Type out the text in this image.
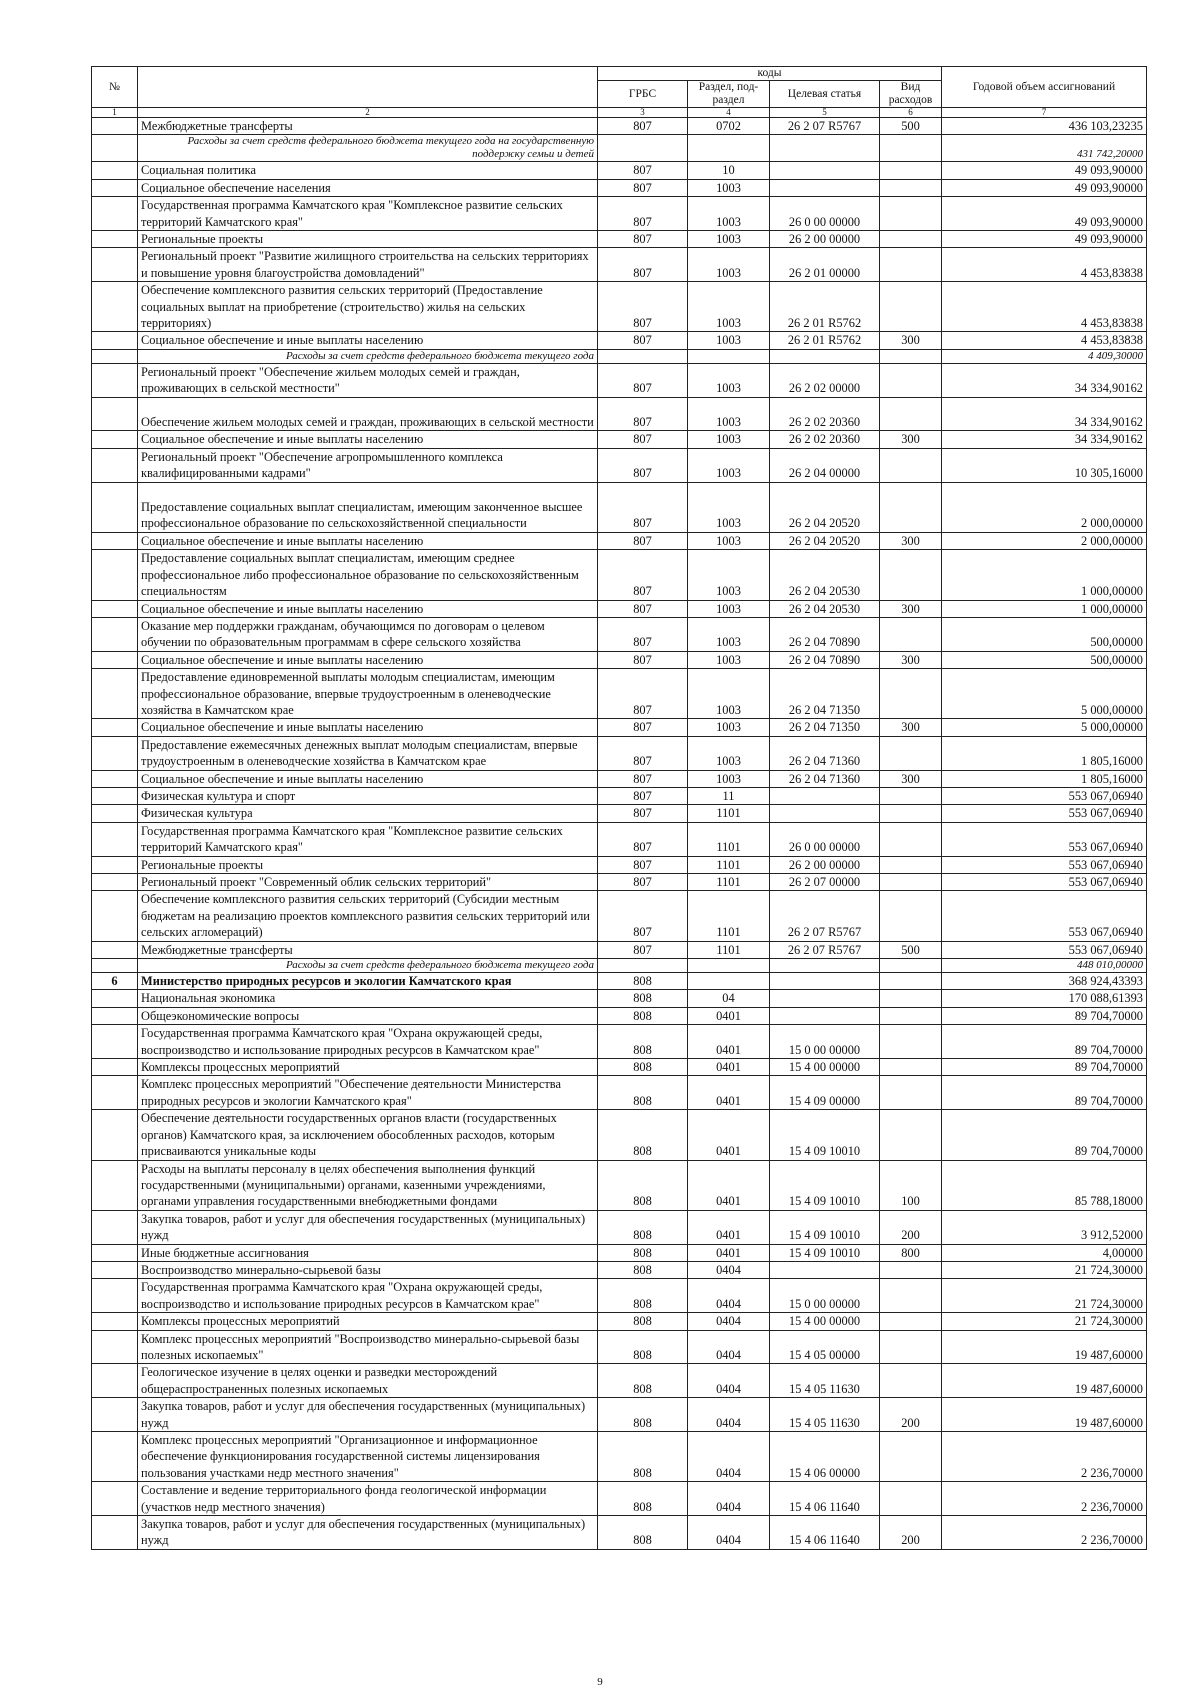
№		коды				Годовой объем ассигнований
		ГРБС	Раздел, под-раздел	Целевая статья	Вид расходов	
1	2	3	4	5	6	7
	Межбюджетные трансферты	807	0702	26 2 07 R5767	500	436 103,23235
	Расходы за счет средств федерального бюджета текущего года на государственную поддержку семьи и детей					431 742,20000
	Социальная политика	807	10			49 093,90000
	Социальное обеспечение населения	807	1003			49 093,90000
	Государственная программа Камчатского края "Комплексное развитие сельских территорий Камчатского края"	807	1003	26 0 00 00000		49 093,90000
	Региональные проекты	807	1003	26 2 00 00000		49 093,90000
	Региональный проект "Развитие жилищного строительства на сельских территориях и повышение уровня благоустройства домовладений"	807	1003	26 2 01 00000		4 453,83838
	Обеспечение комплексного развития сельских территорий (Предоставление социальных выплат на приобретение (строительство) жилья на сельских территориях)	807	1003	26 2 01 R5762		4 453,83838
	Социальное обеспечение и иные выплаты населению	807	1003	26 2 01 R5762	300	4 453,83838
	Расходы за счет средств федерального бюджета текущего года					4 409,30000
	Региональный проект "Обеспечение жильем молодых семей и граждан, проживающих в сельской местности"	807	1003	26 2 02 00000		34 334,90162
	Обеспечение жильем молодых семей и граждан, проживающих в сельской местности	807	1003	26 2 02 20360		34 334,90162
	Социальное обеспечение и иные выплаты населению	807	1003	26 2 02 20360	300	34 334,90162
	Региональный проект "Обеспечение агропромышленного комплекса квалифицированными кадрами"	807	1003	26 2 04 00000		10 305,16000
	Предоставление социальных выплат специалистам, имеющим законченное высшее профессиональное образование по сельскохозяйственной специальности	807	1003	26 2 04 20520		2 000,00000
	Социальное обеспечение и иные выплаты населению	807	1003	26 2 04 20520	300	2 000,00000
	Предоставление социальных выплат специалистам, имеющим среднее профессиональное либо профессиональное образование по сельскохозяйственным специальностям	807	1003	26 2 04 20530		1 000,00000
	Социальное обеспечение и иные выплаты населению	807	1003	26 2 04 20530	300	1 000,00000
	Оказание мер поддержки гражданам, обучающимся по договорам о целевом обучении по образовательным программам в сфере сельского хозяйства	807	1003	26 2 04 70890		500,00000
	Социальное обеспечение и иные выплаты населению	807	1003	26 2 04 70890	300	500,00000
	Предоставление единовременной выплаты молодым специалистам, имеющим профессиональное образование, впервые трудоустроенным в оленеводческие хозяйства в Камчатском крае	807	1003	26 2 04 71350		5 000,00000
	Социальное обеспечение и иные выплаты населению	807	1003	26 2 04 71350	300	5 000,00000
	Предоставление ежемесячных денежных выплат молодым специалистам, впервые трудоустроенным в оленеводческие хозяйства в Камчатском крае	807	1003	26 2 04 71360		1 805,16000
	Социальное обеспечение и иные выплаты населению	807	1003	26 2 04 71360	300	1 805,16000
	Физическая культура и спорт	807	11			553 067,06940
	Физическая культура	807	1101			553 067,06940
	Государственная программа Камчатского края "Комплексное развитие сельских территорий Камчатского края"	807	1101	26 0 00 00000		553 067,06940
	Региональные проекты	807	1101	26 2 00 00000		553 067,06940
	Региональный проект "Современный облик сельских территорий"	807	1101	26 2 07 00000		553 067,06940
	Обеспечение комплексного развития сельских территорий (Субсидии местным бюджетам на реализацию проектов комплексного развития сельских территорий или сельских агломераций)	807	1101	26 2 07 R5767		553 067,06940
	Межбюджетные трансферты	807	1101	26 2 07 R5767	500	553 067,06940
	Расходы за счет средств федерального бюджета текущего года					448 010,00000
6	Министерство природных ресурсов и экологии Камчатского края	808				368 924,43393
	Национальная экономика	808	04			170 088,61393
	Общеэкономические вопросы	808	0401			89 704,70000
	Государственная программа Камчатского края "Охрана окружающей среды, воспроизводство и использование природных ресурсов в Камчатском крае"	808	0401	15 0 00 00000		89 704,70000
	Комплексы процессных мероприятий	808	0401	15 4 00 00000		89 704,70000
	Комплекс процессных мероприятий "Обеспечение деятельности Министерства природных ресурсов и экологии Камчатского края"	808	0401	15 4 09 00000		89 704,70000
	Обеспечение деятельности государственных органов власти (государственных органов) Камчатского края, за исключением обособленных расходов, которым присваиваются уникальные коды	808	0401	15 4 09 10010		89 704,70000
	Расходы на выплаты персоналу в целях обеспечения выполнения функций государственными (муниципальными) органами, казенными учреждениями, органами управления государственными внебюджетными фондами	808	0401	15 4 09 10010	100	85 788,18000
	Закупка товаров, работ и услуг для обеспечения государственных (муниципальных) нужд	808	0401	15 4 09 10010	200	3 912,52000
	Иные бюджетные ассигнования	808	0401	15 4 09 10010	800	4,00000
	Воспроизводство минерально-сырьевой базы	808	0404			21 724,30000
	Государственная программа Камчатского края "Охрана окружающей среды, воспроизводство и использование природных ресурсов в Камчатском крае"	808	0404	15 0 00 00000		21 724,30000
	Комплексы процессных мероприятий	808	0404	15 4 00 00000		21 724,30000
	Комплекс процессных мероприятий "Воспроизводство минерально-сырьевой базы полезных ископаемых"	808	0404	15 4 05 00000		19 487,60000
	Геологическое изучение в целях оценки и разведки месторождений общераспространенных полезных ископаемых	808	0404	15 4 05 11630		19 487,60000
	Закупка товаров, работ и услуг для обеспечения государственных (муниципальных) нужд	808	0404	15 4 05 11630	200	19 487,60000
	Комплекс процессных мероприятий "Организационное и информационное обеспечение функционирования государственной системы лицензирования пользования участками недр местного значения"	808	0404	15 4 06 00000		2 236,70000
	Составление и ведение территориального фонда геологической информации (участков недр местного значения)	808	0404	15 4 06 11640		2 236,70000
	Закупка товаров, работ и услуг для обеспечения государственных (муниципальных) нужд	808	0404	15 4 06 11640	200	2 236,70000
9
